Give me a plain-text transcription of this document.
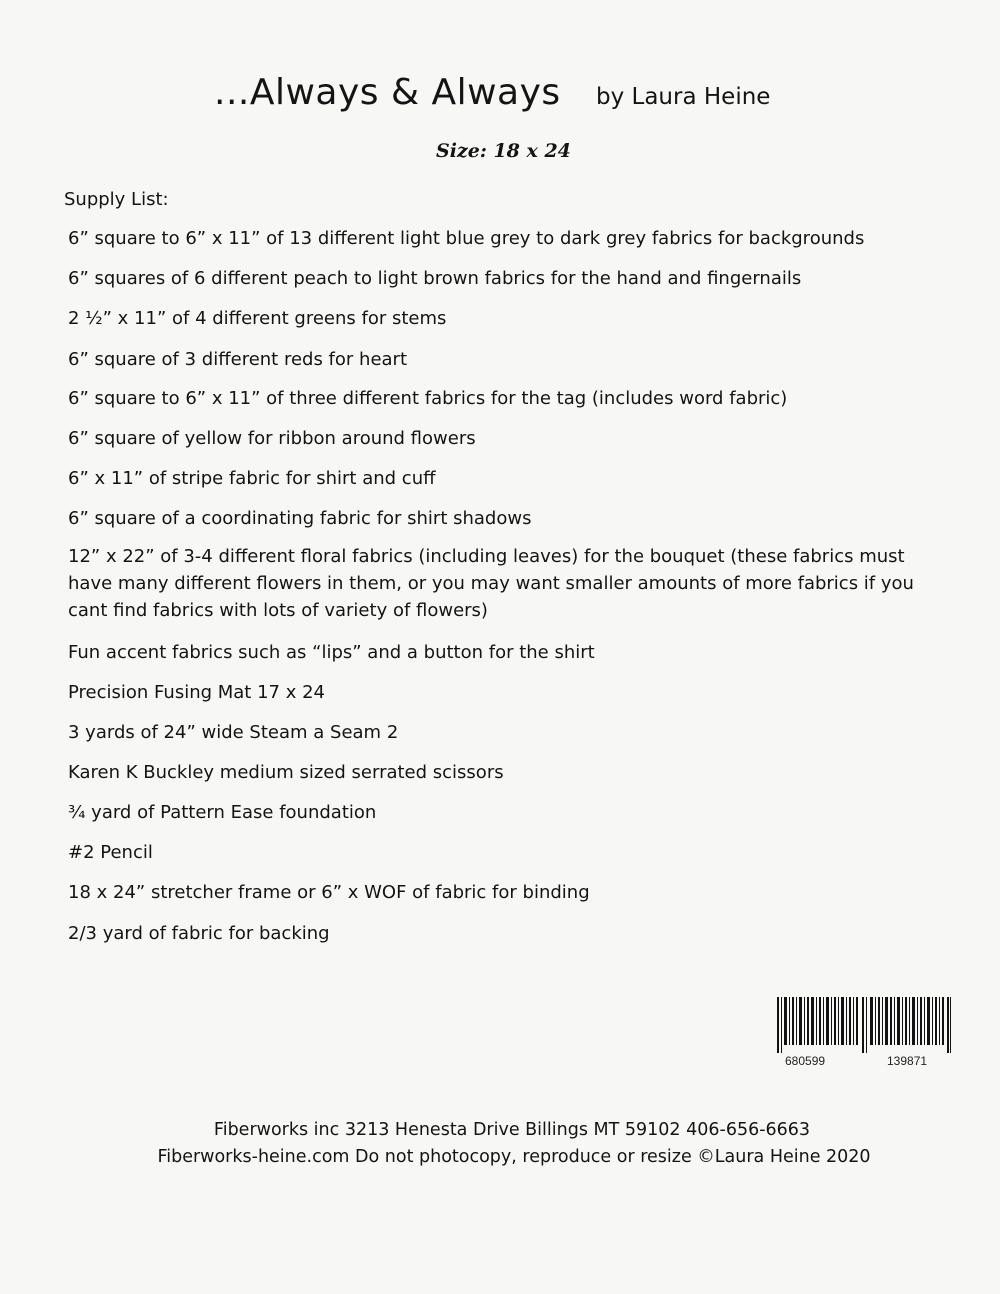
...Always & Always by Laura Heine
Size: 18 x 24
Supply List:
6” square to 6” x 11” of 13 different light blue grey to dark grey fabrics for backgrounds
6” squares of 6 different peach to light brown fabrics for the hand and fingernails
2 ½” x 11” of 4 different greens for stems
6” square of 3 different reds for heart
6” square to 6” x 11” of three different fabrics for the tag (includes word fabric)
6” square of yellow for ribbon around flowers
6” x 11” of stripe fabric for shirt and cuff
6” square of a coordinating fabric for shirt shadows
12” x 22” of 3-4 different floral fabrics (including leaves) for the bouquet (these fabrics must have many different flowers in them, or you may want smaller amounts of more fabrics if you cant find fabrics with lots of variety of flowers)
Fun accent fabrics such as “lips” and a button for the shirt
Precision Fusing Mat 17 x 24
3 yards of 24” wide Steam a Seam 2
Karen K Buckley medium sized serrated scissors
¾ yard of Pattern Ease foundation
#2 Pencil
18 x 24” stretcher frame or 6” x WOF of fabric for binding
2/3 yard of fabric for backing
680599	139871
Fiberworks inc 3213 Henesta Drive Billings MT 59102 406-656-6663
Fiberworks-heine.com Do not photocopy, reproduce or resize ©Laura Heine 2020
